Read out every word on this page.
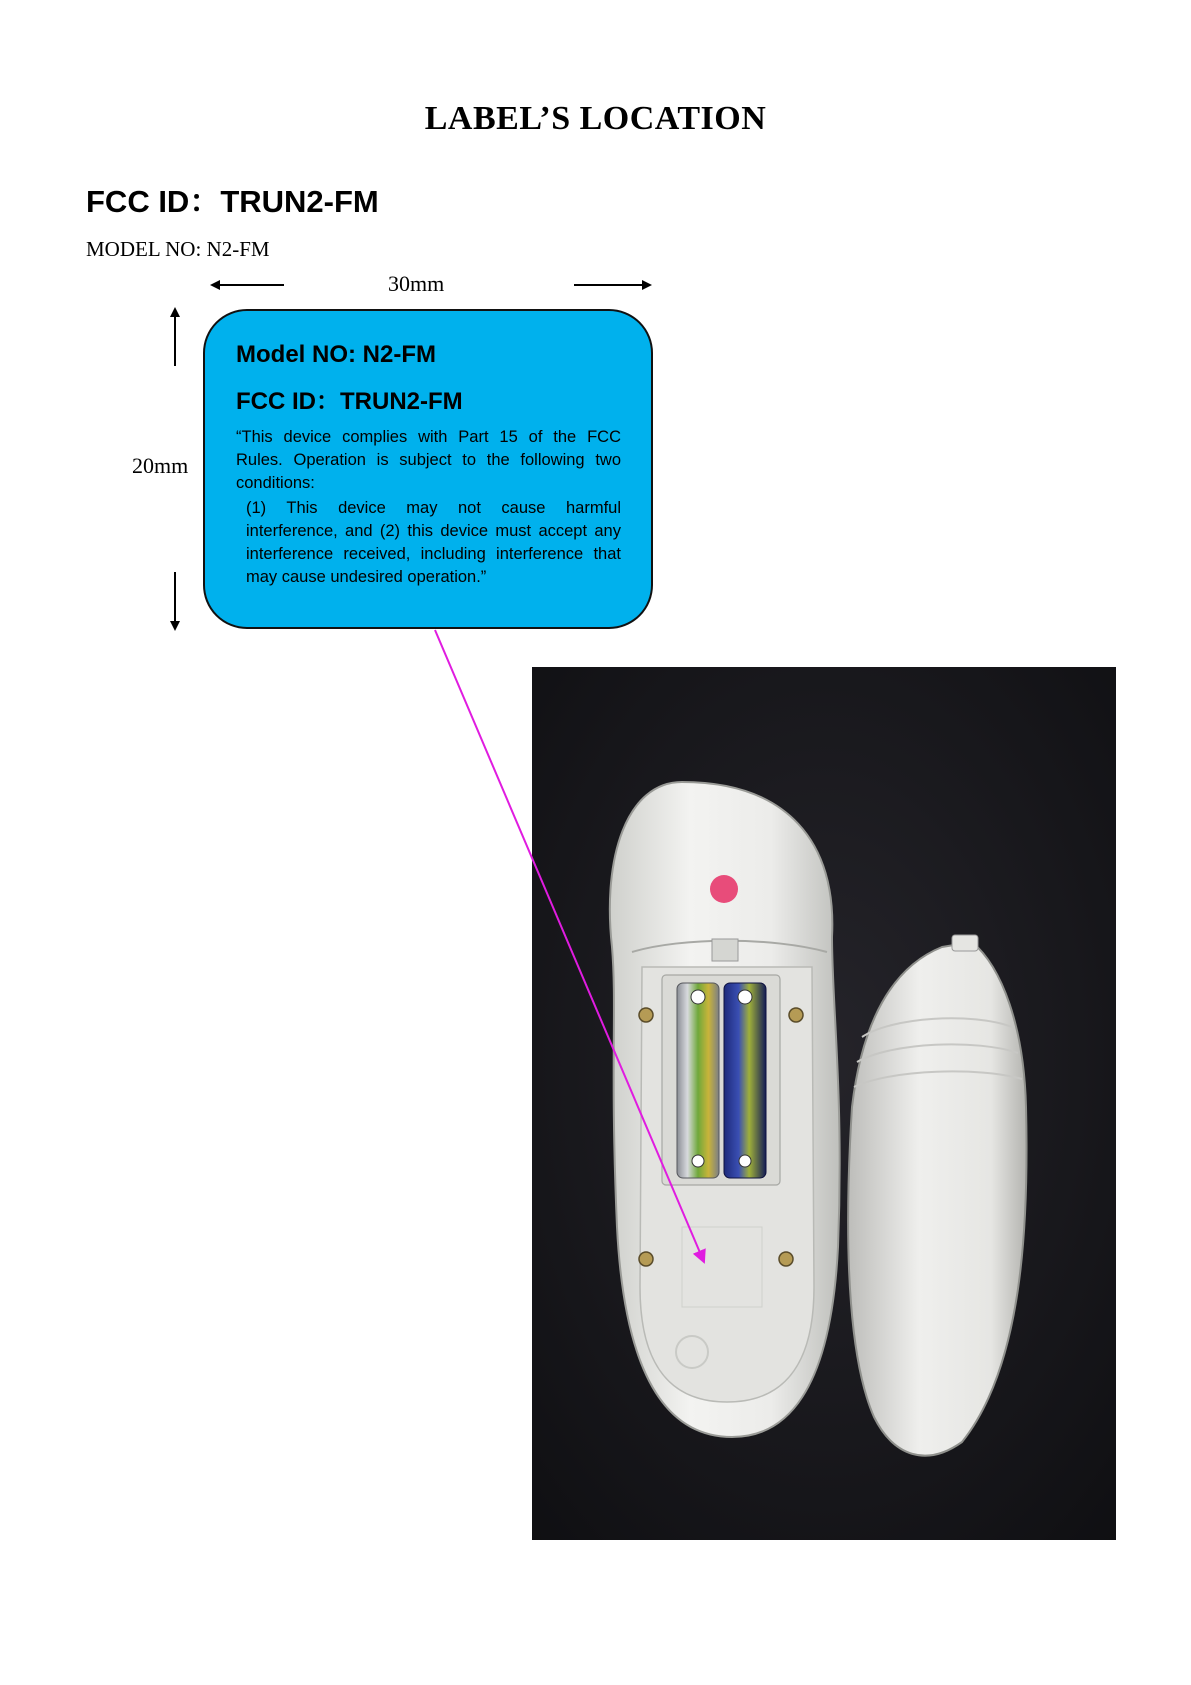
LABEL’S LOCATION
FCC ID：TRUN2-FM
MODEL NO: N2-FM
30mm
20mm
Model NO: N2-FM
FCC ID：TRUN2-FM

“This device complies with Part 15 of the FCC Rules. Operation is subject to the following two conditions:

(1) This device may not cause harmful interference, and (2) this device must accept any interference received, including interference that may cause undesired operation.”
